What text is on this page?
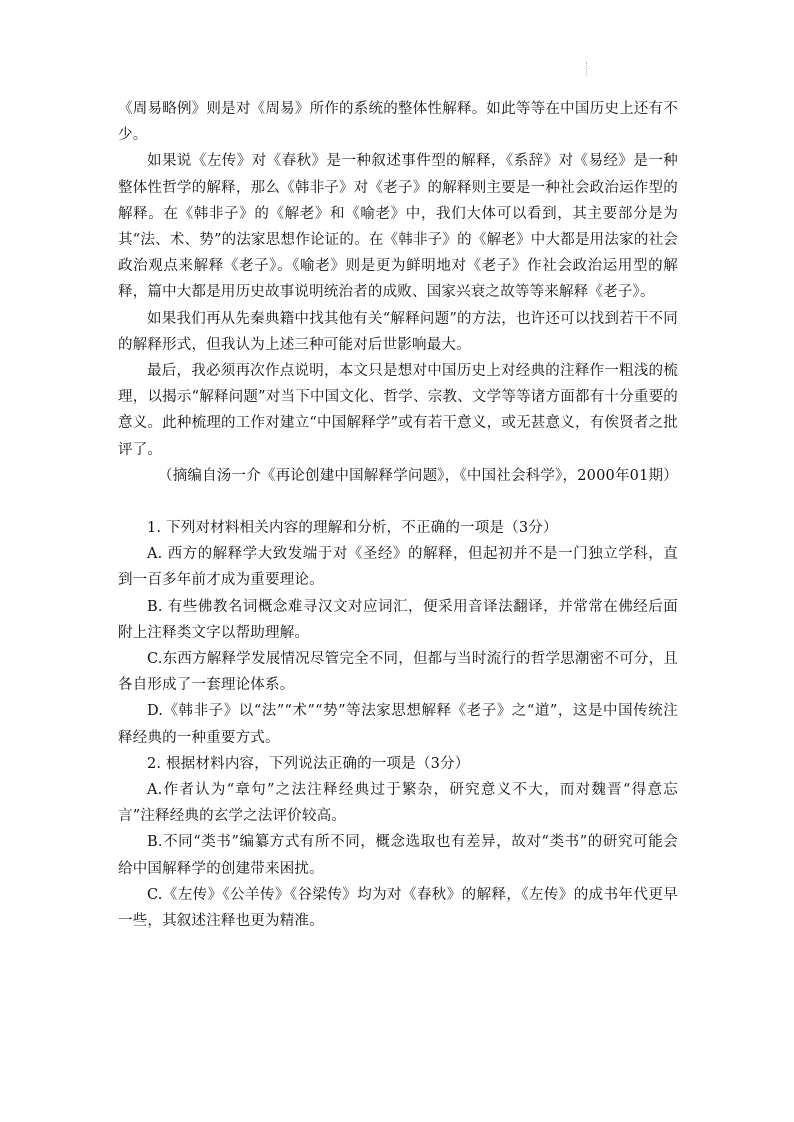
《周易略例》则是对《周易》所作的系统的整体性解释。如此等等在中国历史上还有不少。

如果说《左传》对《春秋》是一种叙述事件型的解释，《系辞》对《易经》是一种整体性哲学的解释，那么《韩非子》对《老子》的解释则主要是一种社会政治运作型的解释。在《韩非子》的《解老》和《喻老》中，我们大体可以看到，其主要部分是为其“法、术、势”的法家思想作论证的。在《韩非子》的《解老》中大都是用法家的社会政治观点来解释《老子》。《喻老》则是更为鲜明地对《老子》作社会政治运用型的解释，篇中大都是用历史故事说明统治者的成败、国家兴衰之故等等来解释《老子》。

如果我们再从先秦典籍中找其他有关“解释问题”的方法，也许还可以找到若干不同的解释形式，但我认为上述三种可能对后世影响最大。

最后，我必须再次作点说明，本文只是想对中国历史上对经典的注释作一粗浅的梳理，以揭示“解释问题”对当下中国文化、哲学、宗教、文学等等诸方面都有十分重要的意义。此种梳理的工作对建立“中国解释学”或有若干意义，或无甚意义，有俟贤者之批评了。

（摘编自汤一介《再论创建中国解释学问题》，《中国社会科学》，2000年01期）

1. 下列对材料相关内容的理解和分析，不正确的一项是（3分）

A. 西方的解释学大致发端于对《圣经》的解释，但起初并不是一门独立学科，直到一百多年前才成为重要理论。

B. 有些佛教名词概念难寻汉文对应词汇，便采用音译法翻译，并常常在佛经后面附上注释类文字以帮助理解。

C.东西方解释学发展情况尽管完全不同，但都与当时流行的哲学思潮密不可分，且各自形成了一套理论体系。

D.《韩非子》以“法”“术”“势”等法家思想解释《老子》之“道”，这是中国传统注释经典的一种重要方式。

2. 根据材料内容，下列说法正确的一项是（3分）

A.作者认为“章句”之法注释经典过于繁杂，研究意义不大，而对魏晋“得意忘言”注释经典的玄学之法评价较高。

B.不同“类书”编纂方式有所不同，概念选取也有差异，故对“类书”的研究可能会给中国解释学的创建带来困扰。

C.《左传》《公羊传》《谷梁传》均为对《春秋》的解释，《左传》的成书年代更早一些，其叙述注释也更为精准。
